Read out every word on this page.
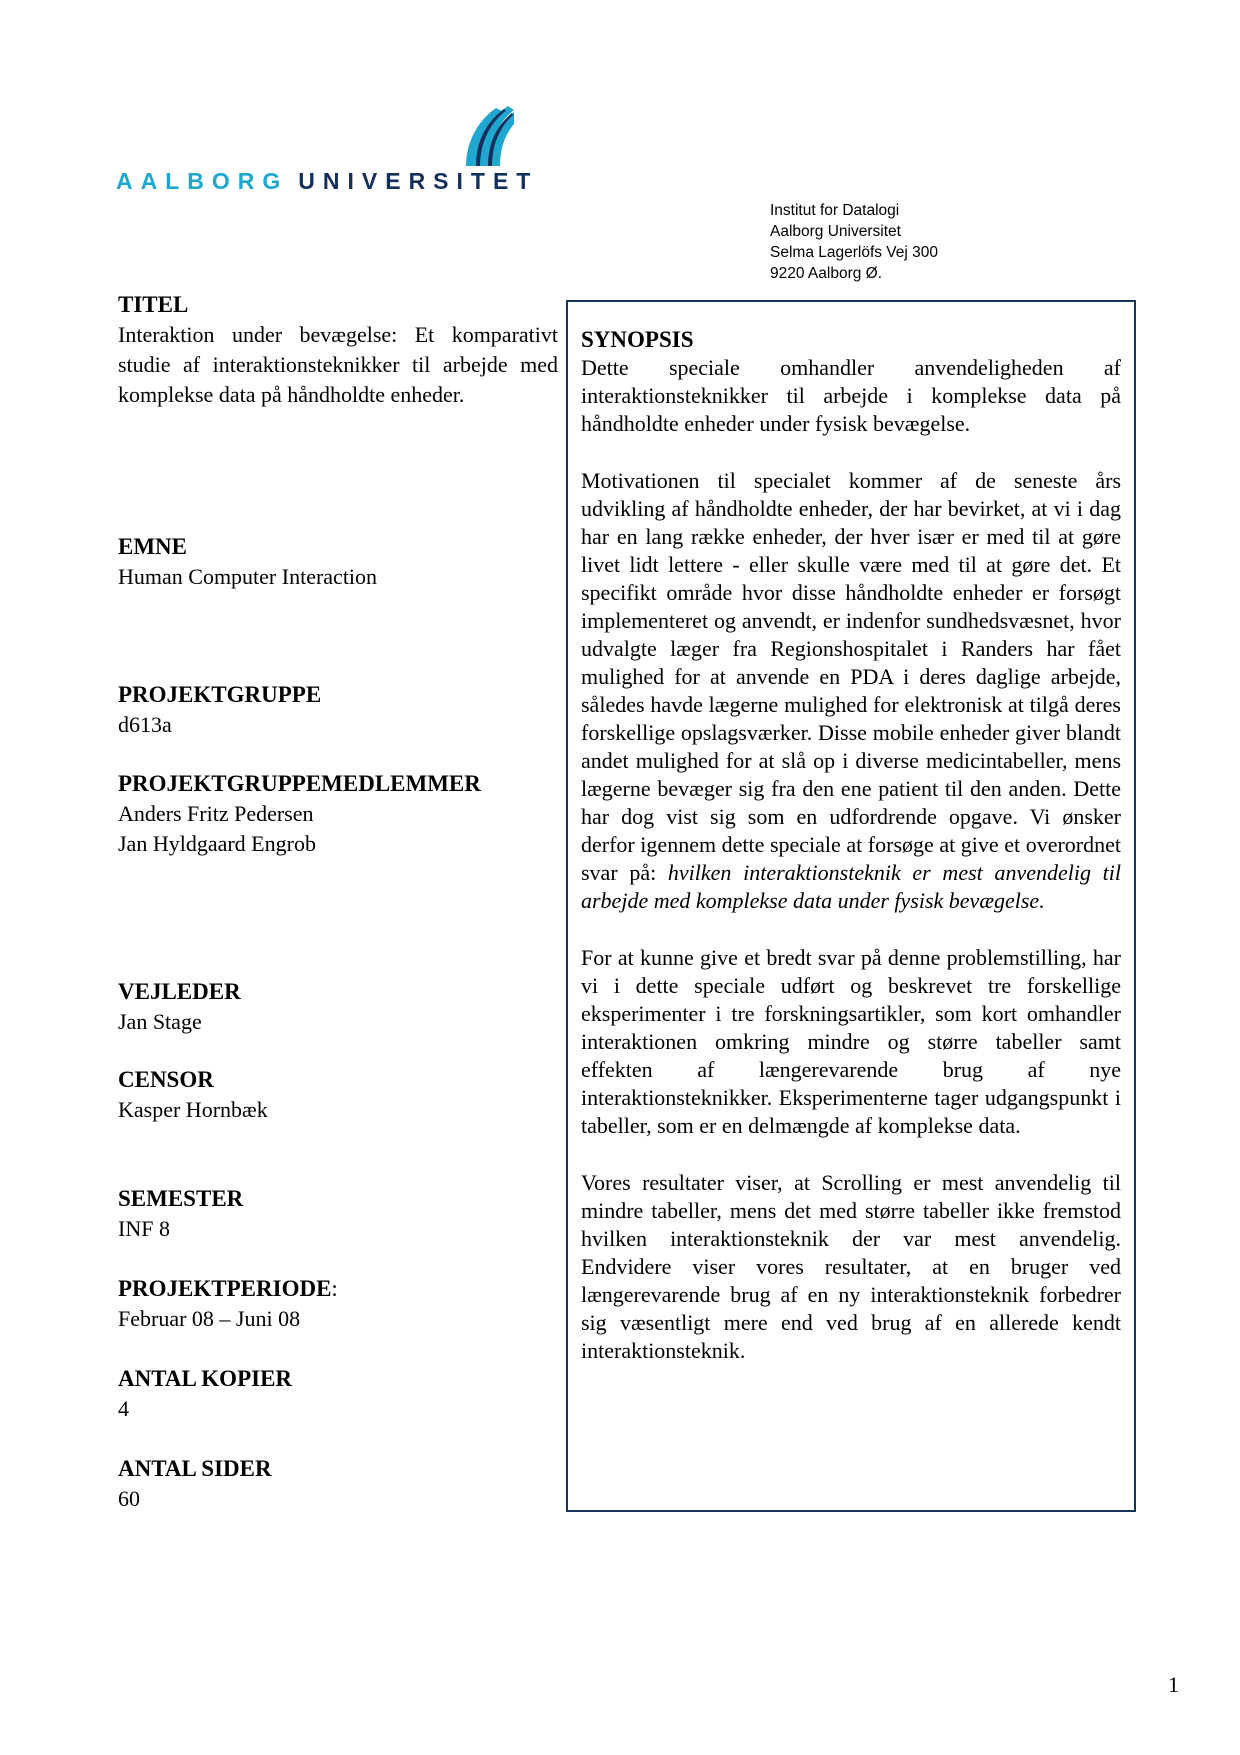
AALBORG UNIVERSITET
Institut for Datalogi
Aalborg Universitet
Selma Lagerlöfs Vej 300
9220 Aalborg Ø.
TITEL
Interaktion under bevægelse: Et komparativt studie af interaktionsteknikker til arbejde med komplekse data på håndholdte enheder.
EMNE
Human Computer Interaction
PROJEKTGRUPPE
d613a
PROJEKTGRUPPEMEDLEMMER
Anders Fritz Pedersen
Jan Hyldgaard Engrob
VEJLEDER
Jan Stage
CENSOR
Kasper Hornbæk
SEMESTER
INF 8
PROJEKTPERIODE:
Februar 08 – Juni 08
ANTAL KOPIER
4
ANTAL SIDER
60
SYNOPSIS

Dette speciale omhandler anvendeligheden af interaktionsteknikker til arbejde i komplekse data på håndholdte enheder under fysisk bevægelse.

Motivationen til specialet kommer af de seneste års udvikling af håndholdte enheder, der har bevirket, at vi i dag har en lang række enheder, der hver især er med til at gøre livet lidt lettere - eller skulle være med til at gøre det. Et specifikt område hvor disse håndholdte enheder er forsøgt implementeret og anvendt, er indenfor sundhedsvæsnet, hvor udvalgte læger fra Regionshospitalet i Randers har fået mulighed for at anvende en PDA i deres daglige arbejde, således havde lægerne mulighed for elektronisk at tilgå deres forskellige opslagsværker. Disse mobile enheder giver blandt andet mulighed for at slå op i diverse medicintabeller, mens lægerne bevæger sig fra den ene patient til den anden. Dette har dog vist sig som en udfordrende opgave. Vi ønsker derfor igennem dette speciale at forsøge at give et overordnet svar på: hvilken interaktionsteknik er mest anvendelig til arbejde med komplekse data under fysisk bevægelse.

For at kunne give et bredt svar på denne problemstilling, har vi i dette speciale udført og beskrevet tre forskellige eksperimenter i tre forskningsartikler, som kort omhandler interaktionen omkring mindre og større tabeller samt effekten af længerevarende brug af nye interaktionsteknikker. Eksperimenterne tager udgangspunkt i tabeller, som er en delmængde af komplekse data.

Vores resultater viser, at Scrolling er mest anvendelig til mindre tabeller, mens det med større tabeller ikke fremstod hvilken interaktionsteknik der var mest anvendelig. Endvidere viser vores resultater, at en bruger ved længerevarende brug af en ny interaktionsteknik forbedrer sig væsentligt mere end ved brug af en allerede kendt interaktionsteknik.

1
